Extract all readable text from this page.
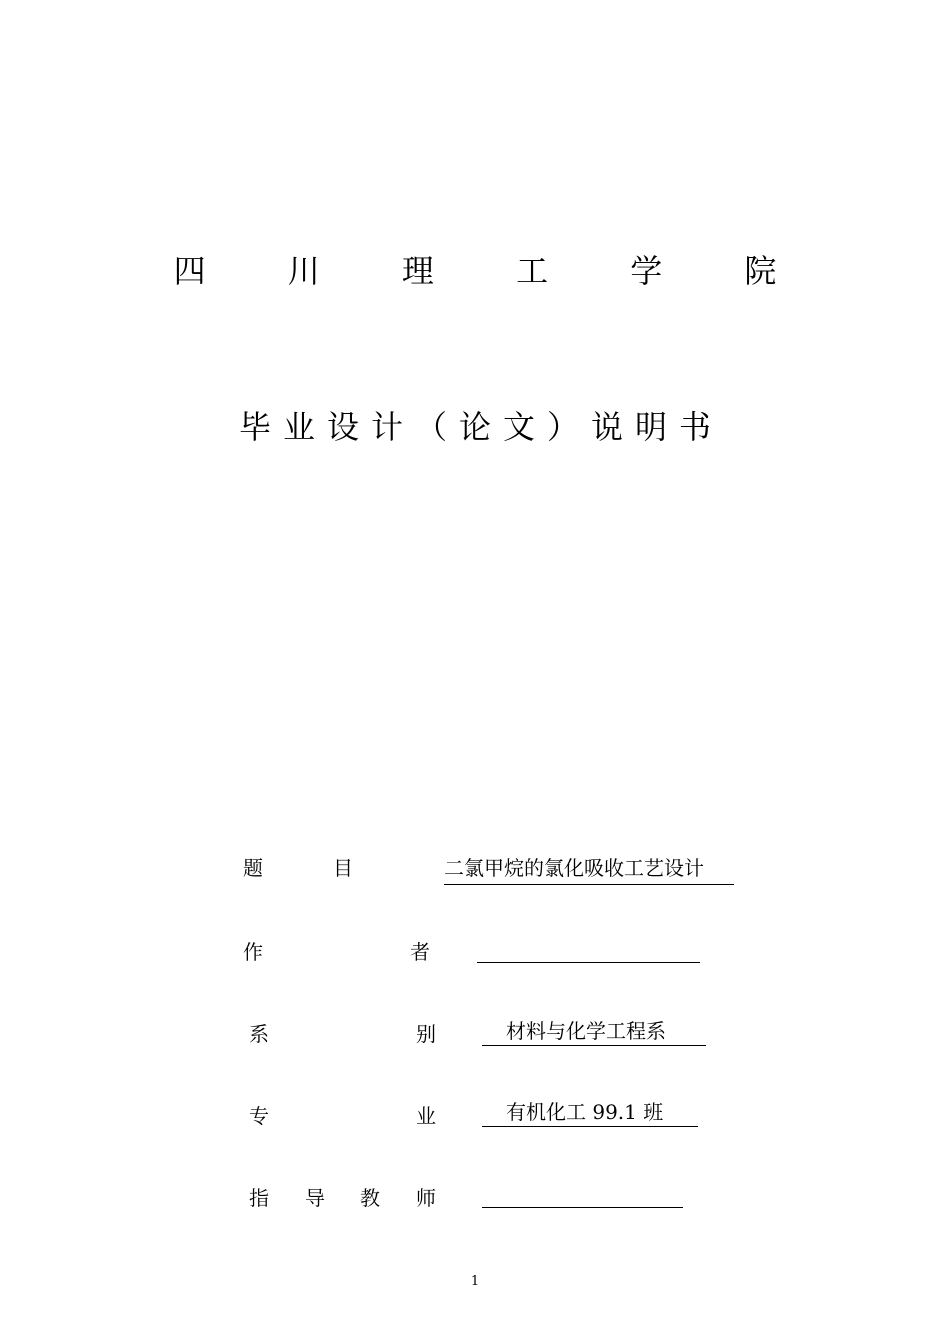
四 川 理 工 学 院
毕业设计（论文）说明书
题	目	二氯甲烷的氯化吸收工艺设计
作	者
系	别	材料与化学工程系
专	业	有机化工 99.1 班
指 导 教 师
1
